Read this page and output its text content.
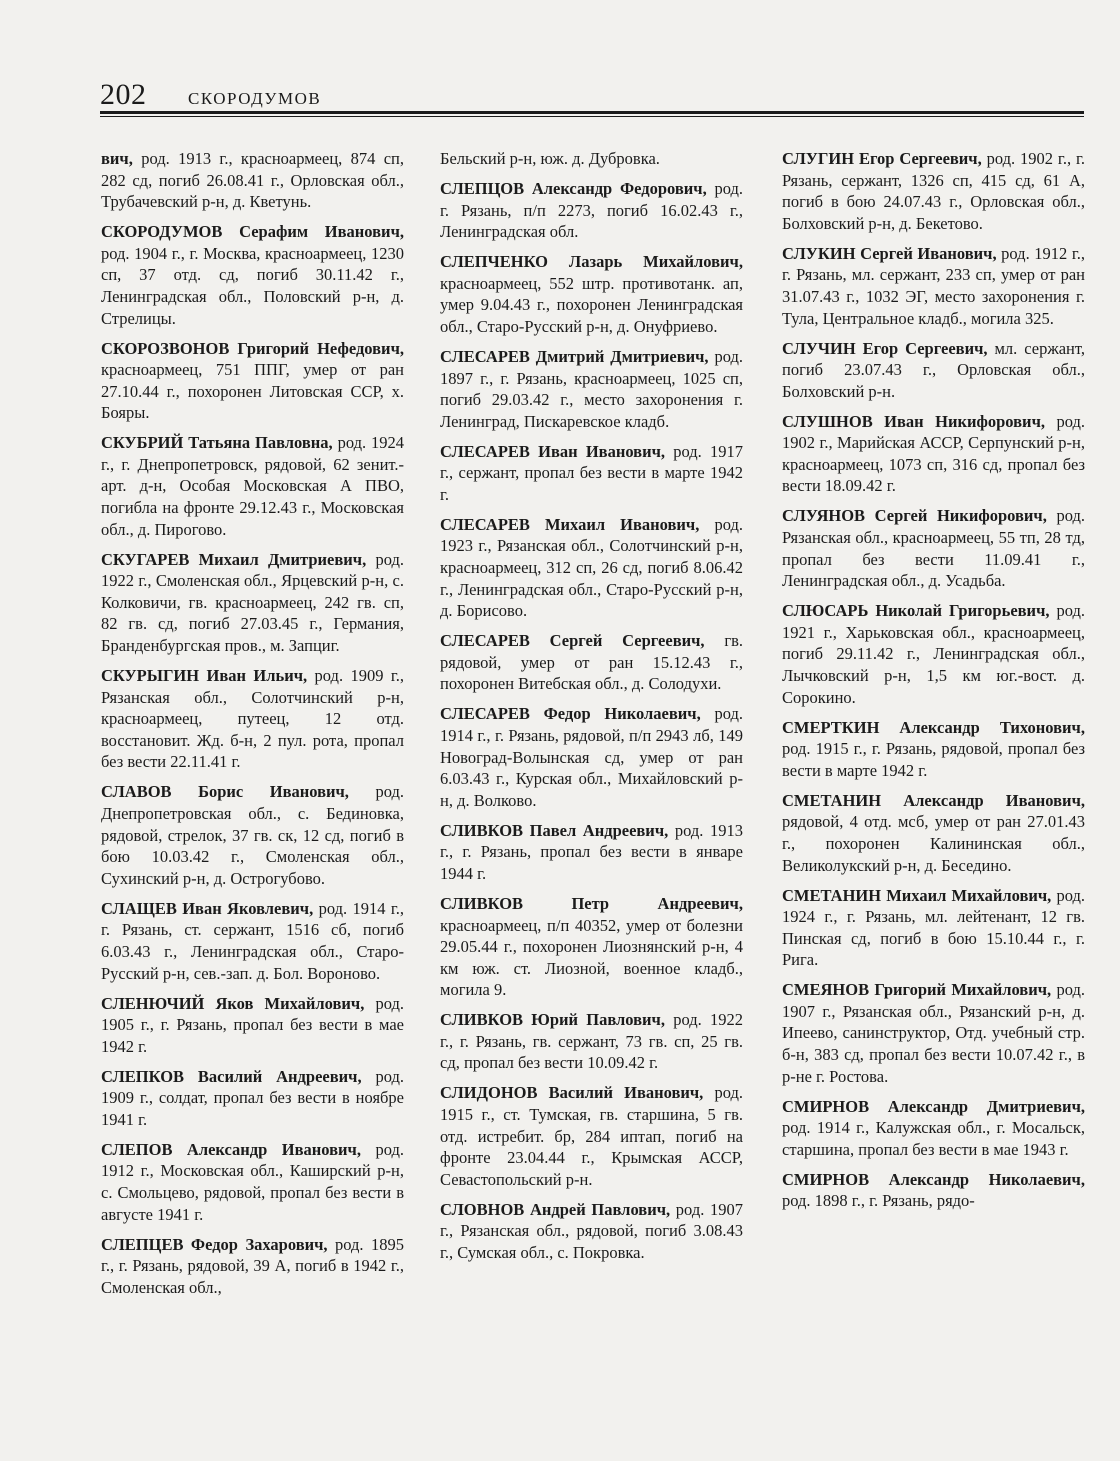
202 СКОРОДУМОВ

вич, род. 1913 г., красноармеец, 874 сп, 282 сд, погиб 26.08.41 г., Орловская обл., Трубачевский р-н, д. Кветунь.

СКОРОДУМОВ Серафим Иванович, род. 1904 г., г. Москва, красноармеец, 1230 сп, 37 отд. сд, погиб 30.11.42 г., Ленинградская обл., Половский р-н, д. Стрелицы.

СКОРОЗВОНОВ Григорий Нефедович, красноармеец, 751 ППГ, умер от ран 27.10.44 г., похоронен Литовская ССР, х. Бояры.

СКУБРИЙ Татьяна Павловна, род. 1924 г., г. Днепропетровск, рядовой, 62 зенит.-арт. д-н, Особая Московская А ПВО, погибла на фронте 29.12.43 г., Московская обл., д. Пирогово.

СКУГАРЕВ Михаил Дмитриевич, род. 1922 г., Смоленская обл., Ярцевский р-н, с. Колковичи, гв. красноармеец, 242 гв. сп, 82 гв. сд, погиб 27.03.45 г., Германия, Бранденбургская пров., м. Запциг.

СКУРЫГИН Иван Ильич, род. 1909 г., Рязанская обл., Солотчинский р-н, красноармеец, путеец, 12 отд. восстановит. Жд. б-н, 2 пул. рота, пропал без вести 22.11.41 г.

СЛАВОВ Борис Иванович, род. Днепропетровская обл., с. Бединовка, рядовой, стрелок, 37 гв. ск, 12 сд, погиб в бою 10.03.42 г., Смоленская обл., Сухинский р-н, д. Острогубово.

СЛАЩЕВ Иван Яковлевич, род. 1914 г., г. Рязань, ст. сержант, 1516 сб, погиб 6.03.43 г., Ленинградская обл., Старо-Русский р-н, сев.-зап. д. Бол. Вороново.

СЛЕНЮЧИЙ Яков Михайлович, род. 1905 г., г. Рязань, пропал без вести в мае 1942 г.

СЛЕПКОВ Василий Андреевич, род. 1909 г., солдат, пропал без вести в ноябре 1941 г.

СЛЕПОВ Александр Иванович, род. 1912 г., Московская обл., Каширский р-н, с. Смольцево, рядовой, пропал без вести в августе 1941 г.

СЛЕПЦЕВ Федор Захарович, род. 1895 г., г. Рязань, рядовой, 39 А, погиб в 1942 г., Смоленская обл.,

Бельский р-н, юж. д. Дубровка.

СЛЕПЦОВ Александр Федорович, род. г. Рязань, п/п 2273, погиб 16.02.43 г., Ленинградская обл.

СЛЕПЧЕНКО Лазарь Михайлович, красноармеец, 552 штр. противотанк. ап, умер 9.04.43 г., похоронен Ленинградская обл., Старо-Русский р-н, д. Онуфриево.

СЛЕСАРЕВ Дмитрий Дмитриевич, род. 1897 г., г. Рязань, красноармеец, 1025 сп, погиб 29.03.42 г., место захоронения г. Ленинград, Пискаревское кладб.

СЛЕСАРЕВ Иван Иванович, род. 1917 г., сержант, пропал без вести в марте 1942 г.

СЛЕСАРЕВ Михаил Иванович, род. 1923 г., Рязанская обл., Солотчинский р-н, красноармеец, 312 сп, 26 сд, погиб 8.06.42 г., Ленинградская обл., Старо-Русский р-н, д. Борисово.

СЛЕСАРЕВ Сергей Сергеевич, гв. рядовой, умер от ран 15.12.43 г., похоронен Витебская обл., д. Солодухи.

СЛЕСАРЕВ Федор Николаевич, род. 1914 г., г. Рязань, рядовой, п/п 2943 лб, 149 Новоград-Волынская сд, умер от ран 6.03.43 г., Курская обл., Михайловский р-н, д. Волково.

СЛИВКОВ Павел Андреевич, род. 1913 г., г. Рязань, пропал без вести в январе 1944 г.

СЛИВКОВ Петр Андреевич, красноармеец, п/п 40352, умер от болезни 29.05.44 г., похоронен Лиознянский р-н, 4 км юж. ст. Лиозной, военное кладб., могила 9.

СЛИВКОВ Юрий Павлович, род. 1922 г., г. Рязань, гв. сержант, 73 гв. сп, 25 гв. сд, пропал без вести 10.09.42 г.

СЛИДОНОВ Василий Иванович, род. 1915 г., ст. Тумская, гв. старшина, 5 гв. отд. истребит. бр, 284 иптап, погиб на фронте 23.04.44 г., Крымская АССР, Севастопольский р-н.

СЛОВНОВ Андрей Павлович, род. 1907 г., Рязанская обл., рядовой, погиб 3.08.43 г., Сумская обл., с. Покровка.

СЛУГИН Егор Сергеевич, род. 1902 г., г. Рязань, сержант, 1326 сп, 415 сд, 61 А, погиб в бою 24.07.43 г., Орловская обл., Болховский р-н, д. Бекетово.

СЛУКИН Сергей Иванович, род. 1912 г., г. Рязань, мл. сержант, 233 сп, умер от ран 31.07.43 г., 1032 ЭГ, место захоронения г. Тула, Центральное кладб., могила 325.

СЛУЧИН Егор Сергеевич, мл. сержант, погиб 23.07.43 г., Орловская обл., Болховский р-н.

СЛУШНОВ Иван Никифорович, род. 1902 г., Марийская АССР, Серпунский р-н, красноармеец, 1073 сп, 316 сд, пропал без вести 18.09.42 г.

СЛУЯНОВ Сергей Никифорович, род. Рязанская обл., красноармеец, 55 тп, 28 тд, пропал без вести 11.09.41 г., Ленинградская обл., д. Усадьба.

СЛЮСАРЬ Николай Григорьевич, род. 1921 г., Харьковская обл., красноармеец, погиб 29.11.42 г., Ленинградская обл., Лычковский р-н, 1,5 км юг.-вост. д. Сорокино.

СМЕРТКИН Александр Тихонович, род. 1915 г., г. Рязань, рядовой, пропал без вести в марте 1942 г.

СМЕТАНИН Александр Иванович, рядовой, 4 отд. мсб, умер от ран 27.01.43 г., похоронен Калининская обл., Великолукский р-н, д. Беседино.

СМЕТАНИН Михаил Михайлович, род. 1924 г., г. Рязань, мл. лейтенант, 12 гв. Пинская сд, погиб в бою 15.10.44 г., г. Рига.

СМЕЯНОВ Григорий Михайлович, род. 1907 г., Рязанская обл., Рязанский р-н, д. Ипеево, санинструктор, Отд. учебный стр. б-н, 383 сд, пропал без вести 10.07.42 г., в р-не г. Ростова.

СМИРНОВ Александр Дмитриевич, род. 1914 г., Калужская обл., г. Мосальск, старшина, пропал без вести в мае 1943 г.

СМИРНОВ Александр Николаевич, род. 1898 г., г. Рязань, рядо-
